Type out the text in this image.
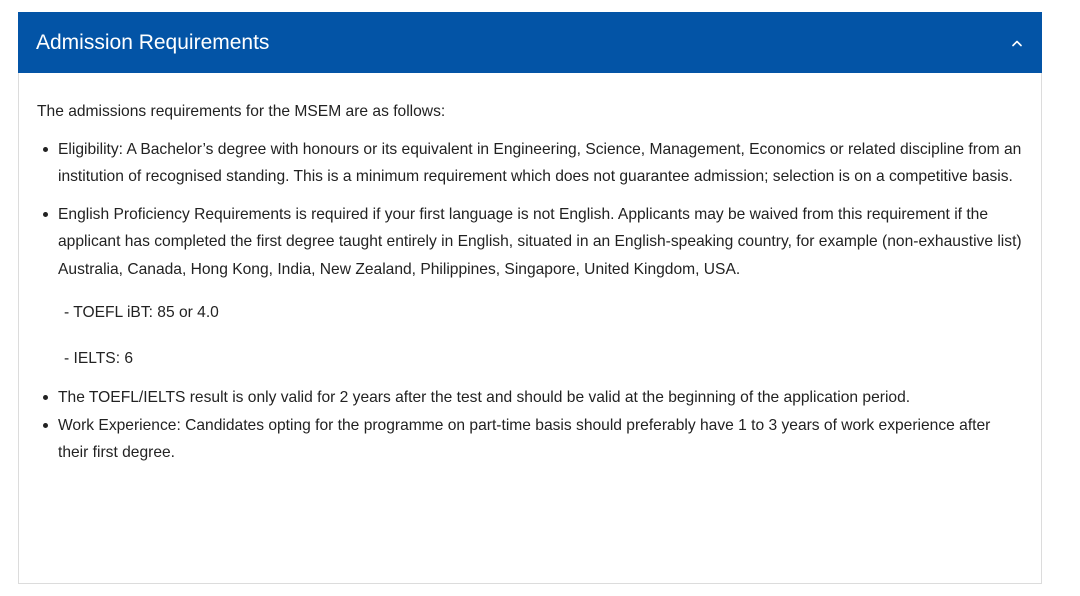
Admission Requirements

The admissions requirements for the MSEM are as follows:

Eligibility: A Bachelor’s degree with honours or its equivalent in Engineering, Science, Management, Economics or related discipline from an institution of recognised standing. This is a minimum requirement which does not guarantee admission; selection is on a competitive basis.
English Proficiency Requirements is required if your first language is not English. Applicants may be waived from this requirement if the applicant has completed the first degree taught entirely in English, situated in an English-speaking country, for example (non-exhaustive list) Australia, Canada, Hong Kong, India, New Zealand, Philippines, Singapore, United Kingdom, USA.
- TOEFL iBT: 85 or 4.0
- IELTS: 6
The TOEFL/IELTS result is only valid for 2 years after the test and should be valid at the beginning of the application period.
Work Experience: Candidates opting for the programme on part-time basis should preferably have 1 to 3 years of work experience after their first degree.
